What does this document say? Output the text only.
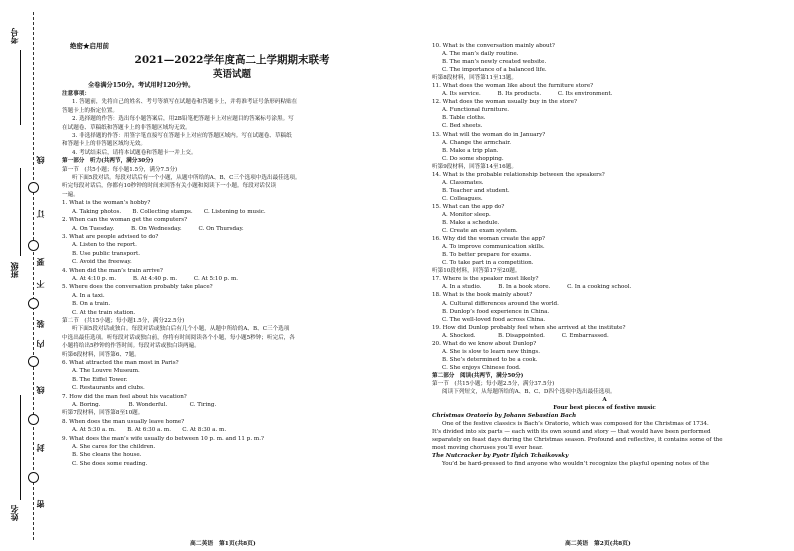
考号
班级
姓名
线
订
要
不
装
内
线
封
密
绝密★启用前
2021—2022学年度高二上学期期末联考
英语试题
全卷满分150分。考试用时120分钟。

注意事项：

1. 答题前，先将自己的姓名、考号等填写在试题卷和答题卡上，并将准考证号条形码粘贴在

答题卡上的指定位置。

2. 选择题的作答：选出每小题答案后，用2B铅笔把答题卡上对应题目的答案标号涂黑。写

在试题卷、草稿纸和答题卡上的非答题区域均无效。

3. 非选择题的作答：用签字笔直接写在答题卡上对应的答题区域内。写在试题卷、草稿纸

和答题卡上的非答题区域均无效。

4. 考试结束后，请将本试题卷和答题卡一并上交。

第一部分　听力(共两节，满分30分)

第一节　(共5小题；每小题1.5分，满分7.5分)

听下面5段对话。每段对话后有一个小题，从题中所给的A、B、C三个选项中选出最佳选项。

听完每段对话后，你都有10秒钟的时间来回答有关小题和阅读下一小题。每段对话仅读

一遍。

1. What is the woman’s hobby?

A. Taking photos.　　B. Collecting stamps.　　C. Listening to music.

2. When can the woman get the computers?

A. On Tuesday.　　　B. On Wednesday.　　　C. On Thursday.

3. What are people advised to do?

A. Listen to the report.

B. Use public transport.

C. Avoid the freeway.

4. When did the man’s train arrive?

A. At 4:10 p. m.　　　B. At 4:40 p. m.　　　C. At 5:10 p. m.

5. Where does the conversation probably take place?

A. In a taxi.

B. On a train.

C. At the train station.

第二节　(共15小题；每小题1.5分，满分22.5分)

听下面5段对话或独白。每段对话或独白后有几个小题，从题中所给的A、B、C三个选项

中选出最佳选项。听每段对话或独白前，你将有时间阅读各个小题，每小题5秒钟；听完后，各

小题将给出5秒钟的作答时间。每段对话或独白读两遍。

听第6段材料，回答第6、7题。

6. What attracted the man most in Paris?

A. The Louvre Museum.

B. The Eiffel Tower.

C. Restaurants and clubs.

7. How did the man feel about his vacation?

A. Boring.　　　　　B. Wonderful.　　　　C. Tiring.

听第7段材料，回答第8至10题。

8. When does the man usually leave home?

A. At 5:30 a. m.　　B. At 6:30 a. m.　　C. At 8:30 a. m.

9. What does the man’s wife usually do between 10 p. m. and 11 p. m.?

A. She cares for the children.

B. She cleans the house.

C. She does some reading.

10. What is the conversation mainly about?

A. The man’s daily routine.

B. The man’s newly created website.

C. The importance of a balanced life.

听第8段材料，回答第11至13题。

11. What does the woman like about the furniture store?

A. Its service.　　　B. Its products.　　　C. Its environment.

12. What does the woman usually buy in the store?

A. Functional furniture.

B. Table cloths.

C. Bed sheets.

13. What will the woman do in January?

A. Change the armchair.

B. Make a trip plan.

C. Do some shopping.

听第9段材料，回答第14至16题。

14. What is the probable relationship between the speakers?

A. Classmates.

B. Teacher and student.

C. Colleagues.

15. What can the app do?

A. Monitor sleep.

B. Make a schedule.

C. Create an exam system.

16. Why did the woman create the app?

A. To improve communication skills.

B. To better prepare for exams.

C. To take part in a competition.

听第10段材料，回答第17至20题。

17. Where is the speaker most likely?

A. In a studio.　　　B. In a book store.　　　C. In a cooking school.

18. What is the book mainly about?

A. Cultural differences around the world.

B. Dunlop’s food experience in China.

C. The well-loved food across China.

19. How did Dunlop probably feel when she arrived at the institute?

A. Shocked.　　　　B. Disappointed.　　　C. Embarrassed.

20. What do we know about Dunlop?

A. She is slow to learn new things.

B. She’s determined to be a cook.

C. She enjoys Chinese food.

第二部分　阅读(共两节，满分50分)

第一节　(共15小题；每小题2.5分，满分37.5分)

阅读下列短文，从每题所给的A、B、C、D四个选项中选出最佳选项。

A

Four best pieces of festive music

Christmas Oratorio by Johann Sebastian Bach

One of the festive classics is Bach’s Oratorio, which was composed for the Christmas of 1734.

It’s divided into six parts — each with its own sound and story — that would have been performed

separately on feast days during the Christmas season. Profound and reflective, it contains some of the

most moving choruses you’ll ever hear.

The Nutcracker by Pyotr Ilyich Tchaikovsky

You’d be hard-pressed to find anyone who wouldn’t recognize the playful opening notes of the

高二英语　第1页(共8页)	高二英语　第2页(共8页)
